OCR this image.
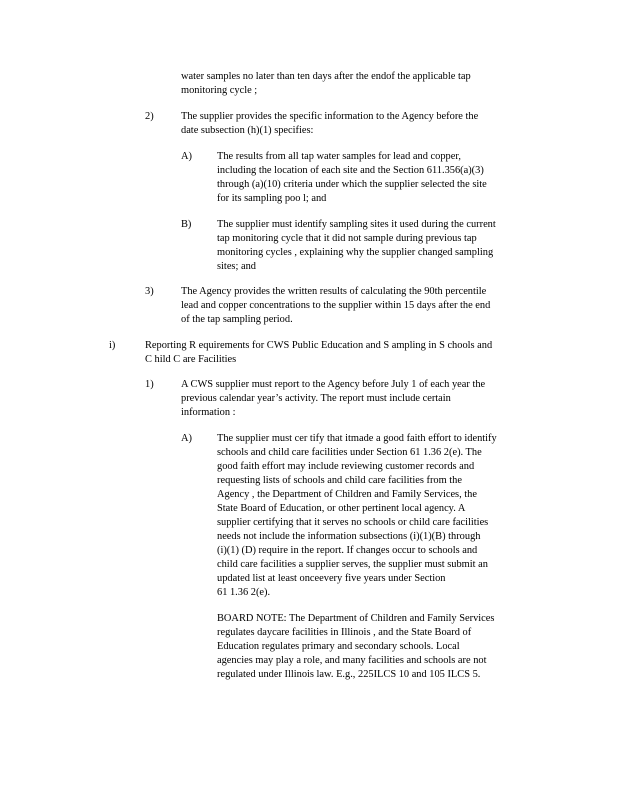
water samples no later than ten days after the endof the applicable tap
monitoring cycle ;
2)	The supplier provides the specific information to the Agency before the
date subsection (h)(1) specifies:
A) The results from all tap water samples for lead and copper,
including the location of each site and the Section 611.356(a)(3)
through (a)(10) criteria under which the supplier selected the site
for its sampling poo l; and
B) The supplier must identify sampling sites it used during the current
tap monitoring cycle that it did not sample during previous tap
monitoring cycles , explaining why the supplier changed sampling
sites; and
3)	The Agency provides the written results of calculating the 90th percentile
lead and copper concentrations to the supplier within 15 days after the end
of the tap sampling period.
i)	Reporting R equirements for CWS Public Education and S ampling in S chools and
C hild C are Facilities
1)	A CWS supplier must report to the Agency before July 1 of each year the
previous calendar year’s activity. The report must include certain
information :
A) The supplier must cer tify that itmade a good faith effort to identify
schools and child care facilities under Section 61 1.36 2(e). The
good faith effort may include reviewing customer records and
requesting lists of schools and child care facilities from the
Agency , the Department of Children and Family Services, the
State Board of Education, or other pertinent local agency. A
supplier certifying that it serves no schools or child care facilities
needs not include the information subsections (i)(1)(B) through
(i)(1) (D) require in the report. If changes occur to schools and
child care facilities a supplier serves, the supplier must submit an
updated list at least onceevery five years under Section
61 1.36 2(e).
BOARD NOTE: The Department of Children and Family Services
regulates daycare facilities in Illinois , and the State Board of
Education regulates primary and secondary schools. Local
agencies may play a role, and many facilities and schools are not
regulated under Illinois law. E.g., 225ILCS 10 and 105 ILCS 5.
